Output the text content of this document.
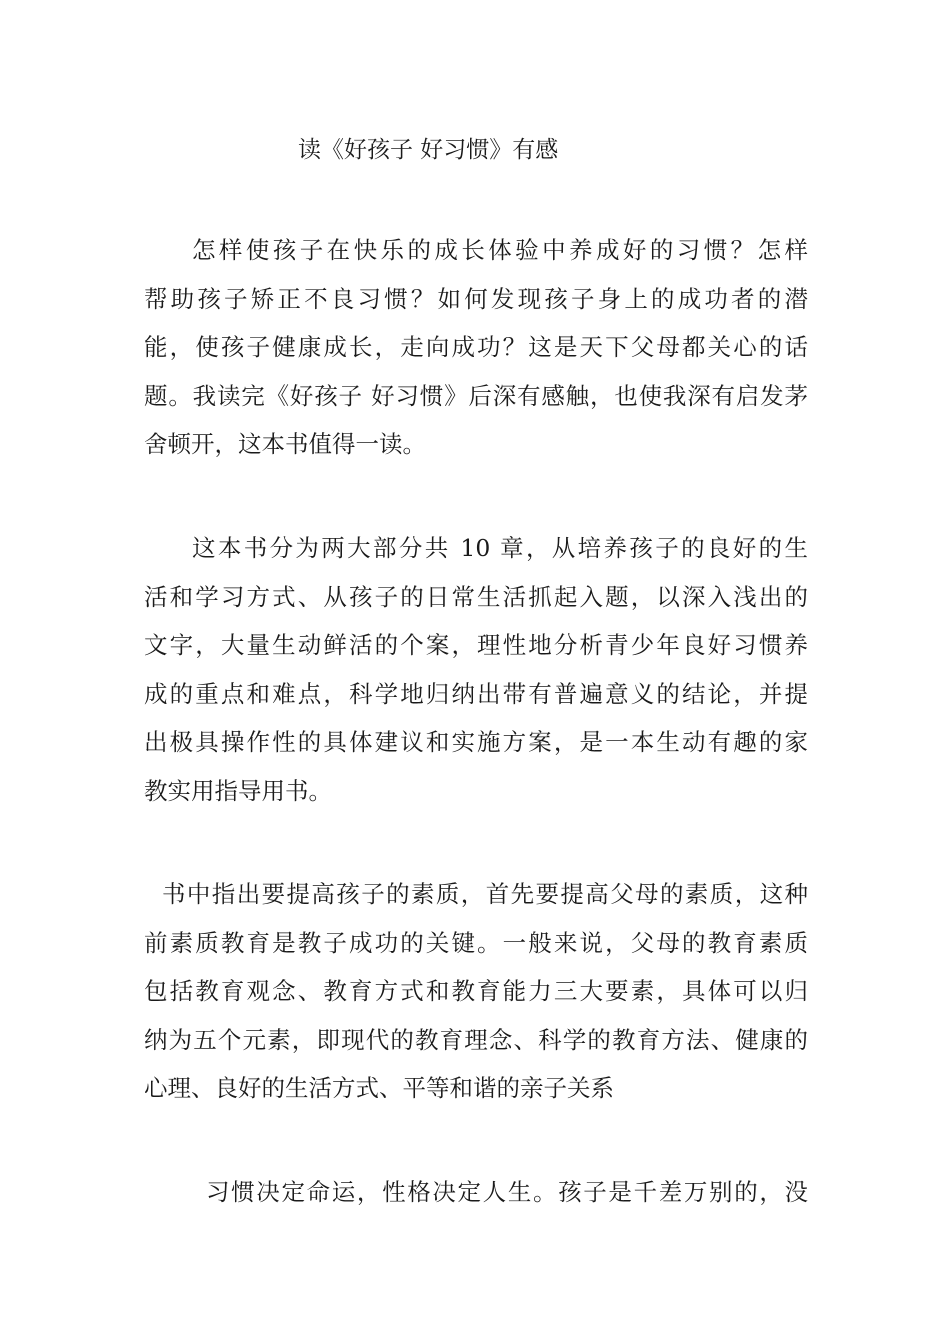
读《好孩子 好习惯》有感
怎样使孩子在快乐的成长体验中养成好的习惯？怎样
帮助孩子矫正不良习惯？如何发现孩子身上的成功者的潜
能，使孩子健康成长，走向成功？这是天下父母都关心的话
题。我读完《好孩子 好习惯》后深有感触，也使我深有启发茅
舍顿开，这本书值得一读。
这本书分为两大部分共 10 章，从培养孩子的良好的生
活和学习方式、从孩子的日常生活抓起入题，以深入浅出的
文字，大量生动鲜活的个案，理性地分析青少年良好习惯养
成的重点和难点，科学地归纳出带有普遍意义的结论，并提
出极具操作性的具体建议和实施方案，是一本生动有趣的家
教实用指导用书。
书中指出要提高孩子的素质，首先要提高父母的素质，这种
前素质教育是教子成功的关键。一般来说，父母的教育素质
包括教育观念、教育方式和教育能力三大要素，具体可以归
纳为五个元素，即现代的教育理念、科学的教育方法、健康的
心理、良好的生活方式、平等和谐的亲子关系
习惯决定命运，性格决定人生。孩子是千差万别的，没
